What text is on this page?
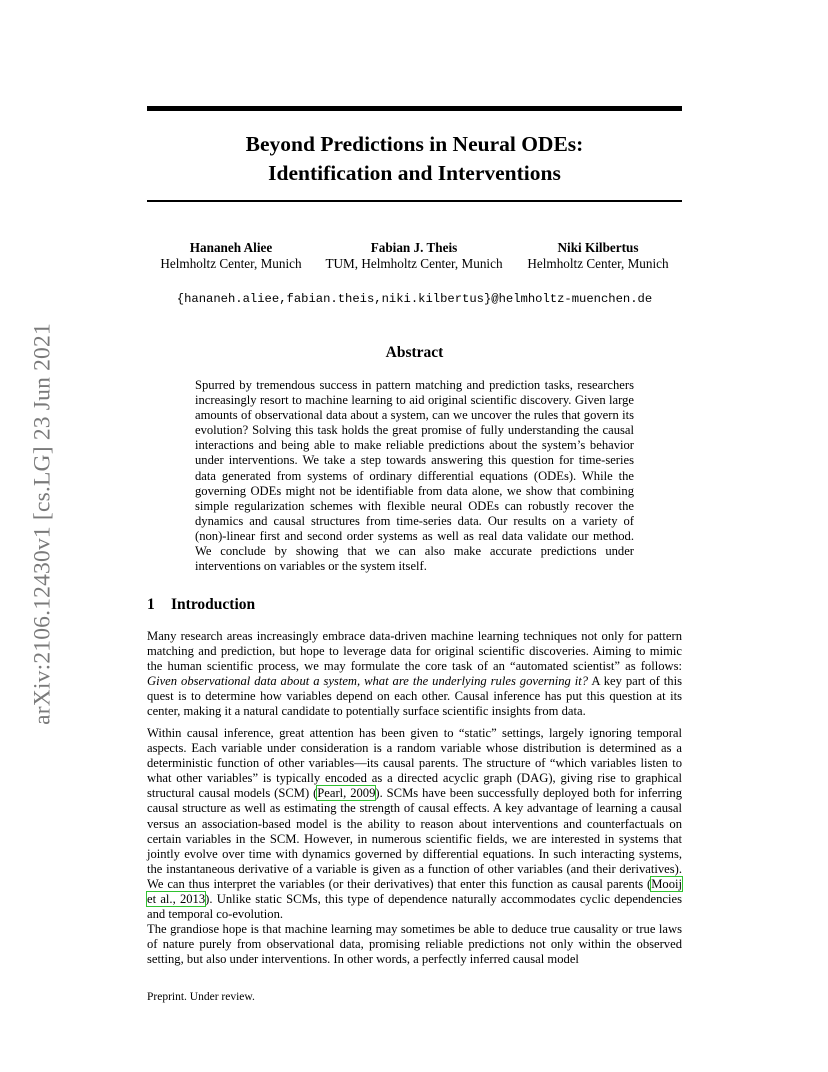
arXiv:2106.12430v1 [cs.LG] 23 Jun 2021
Beyond Predictions in Neural ODEs:
Identification and Interventions
Hananeh Aliee
Helmholtz Center, Munich
Fabian J. Theis
TUM, Helmholtz Center, Munich
Niki Kilbertus
Helmholtz Center, Munich
{hananeh.aliee,fabian.theis,niki.kilbertus}@helmholtz-muenchen.de
Abstract
Spurred by tremendous success in pattern matching and prediction tasks, researchers increasingly resort to machine learning to aid original scientific discovery. Given large amounts of observational data about a system, can we uncover the rules that govern its evolution? Solving this task holds the great promise of fully understanding the causal interactions and being able to make reliable predictions about the system’s behavior under interventions. We take a step towards answering this question for time-series data generated from systems of ordinary differential equations (ODEs). While the governing ODEs might not be identifiable from data alone, we show that combining simple regularization schemes with flexible neural ODEs can robustly recover the dynamics and causal structures from time-series data. Our results on a variety of (non)-linear first and second order systems as well as real data validate our method. We conclude by showing that we can also make accurate predictions under interventions on variables or the system itself.
1 Introduction

Many research areas increasingly embrace data-driven machine learning techniques not only for pattern matching and prediction, but hope to leverage data for original scientific discoveries. Aiming to mimic the human scientific process, we may formulate the core task of an “automated scientist” as follows: Given observational data about a system, what are the underlying rules governing it? A key part of this quest is to determine how variables depend on each other. Causal inference has put this question at its center, making it a natural candidate to potentially surface scientific insights from data.

Within causal inference, great attention has been given to “static” settings, largely ignoring temporal aspects. Each variable under consideration is a random variable whose distribution is determined as a deterministic function of other variables—its causal parents. The structure of “which variables listen to what other variables” is typically encoded as a directed acyclic graph (DAG), giving rise to graphical structural causal models (SCM) (Pearl, 2009). SCMs have been successfully deployed both for inferring causal structure as well as estimating the strength of causal effects. A key advantage of learning a causal versus an association-based model is the ability to reason about interventions and counterfactuals on certain variables in the SCM. However, in numerous scientific fields, we are interested in systems that jointly evolve over time with dynamics governed by differential equations. In such interacting systems, the instantaneous derivative of a variable is given as a function of other variables (and their derivatives). We can thus interpret the variables (or their derivatives) that enter this function as causal parents (Mooij et al., 2013). Unlike static SCMs, this type of dependence naturally accommodates cyclic dependencies and temporal co-evolution.

The grandiose hope is that machine learning may sometimes be able to deduce true causality or true laws of nature purely from observational data, promising reliable predictions not only within the observed setting, but also under interventions. In other words, a perfectly inferred causal model

Preprint. Under review.
